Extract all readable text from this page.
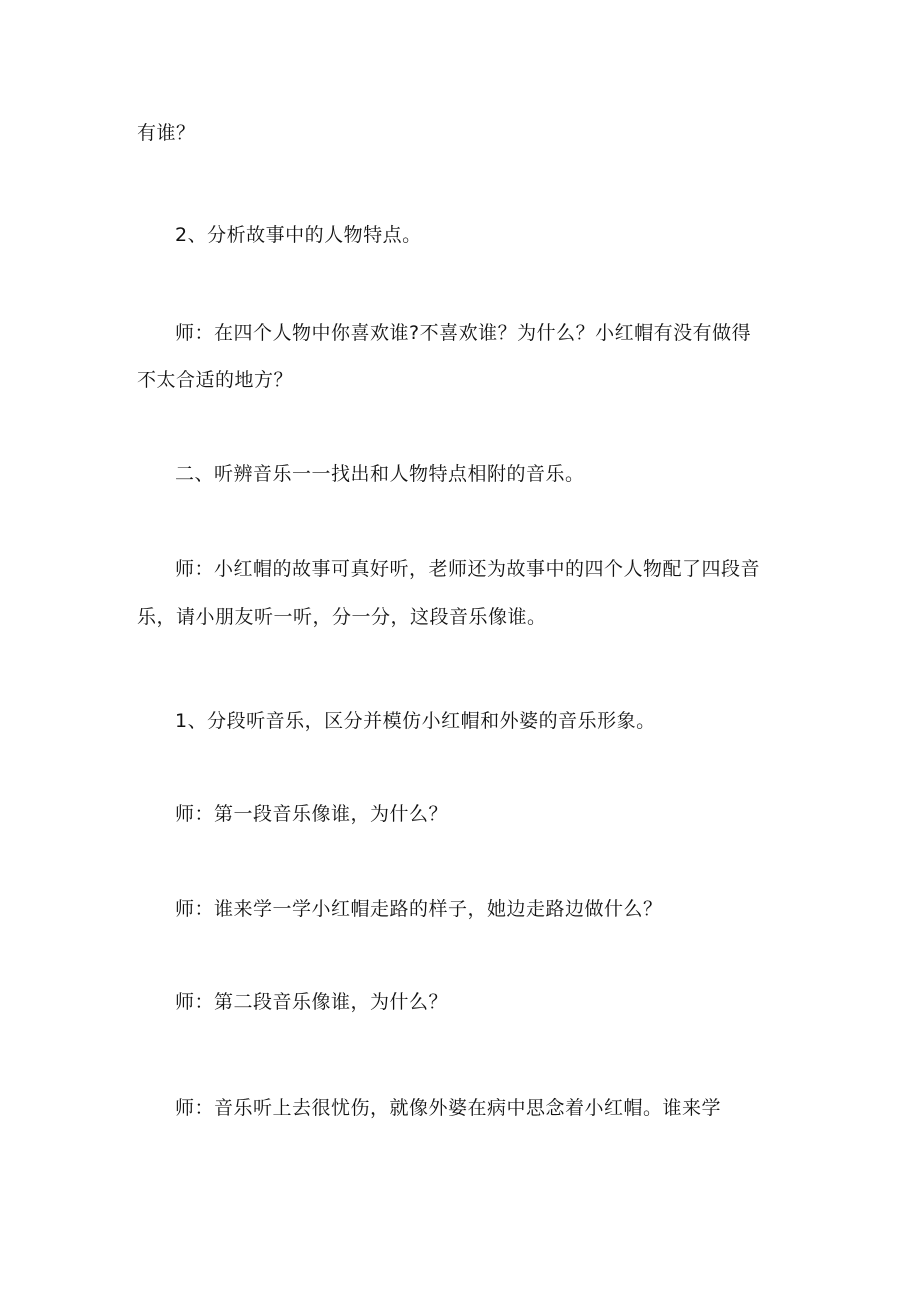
有谁？
2、分析故事中的人物特点。
师：在四个人物中你喜欢谁?不喜欢谁？为什么？小红帽有没有做得
不太合适的地方？
二、听辨音乐一一找出和人物特点相附的音乐。
师：小红帽的故事可真好听，老师还为故事中的四个人物配了四段音
乐，请小朋友听一听，分一分，这段音乐像谁。
1、分段听音乐，区分并模仿小红帽和外婆的音乐形象。
师：第一段音乐像谁，为什么？
师：谁来学一学小红帽走路的样子，她边走路边做什么？
师：第二段音乐像谁，为什么？
师：音乐听上去很忧伤，就像外婆在病中思念着小红帽。谁来学
